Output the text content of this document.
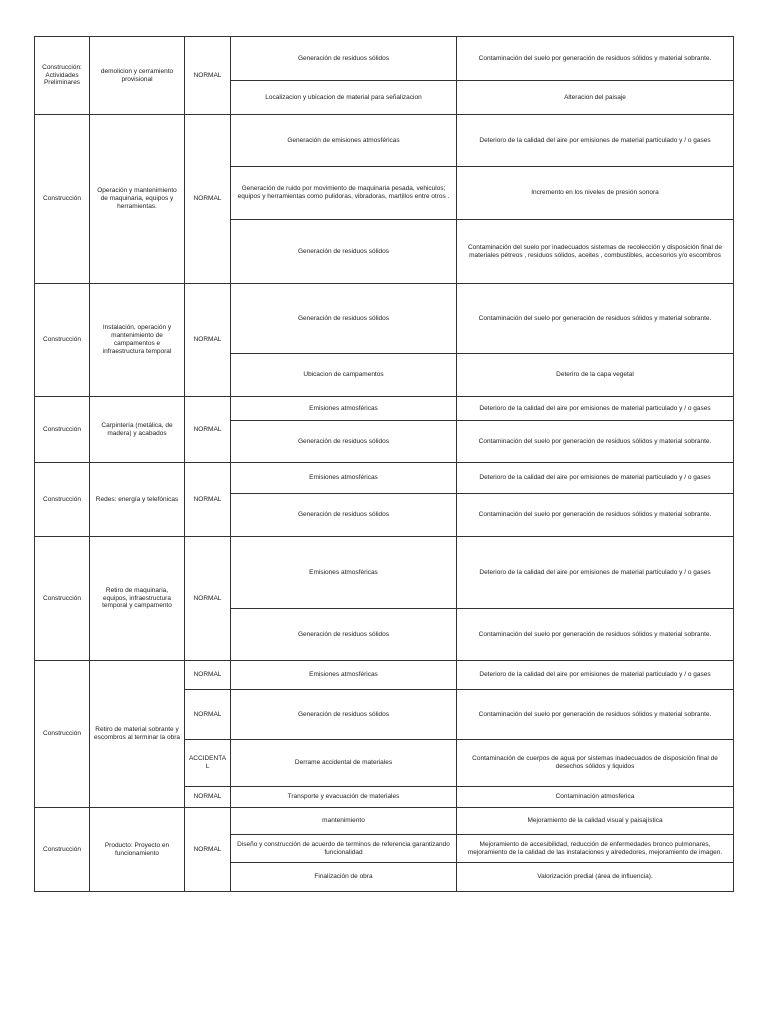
Construcción: Actividades Preliminares	demolicion y cerramiento provisional	NORMAL	Generación de residuos sólidos	Contaminación del suelo por generación de residuos sólidos y material sobrante.
			Localizacion y ubicacion de material para señalizacion	Alteracion del paisaje
Construcción	Operación y mantenimiento de maquinaria, equipos y herramientas.	NORMAL	Generación de emisiones atmosféricas	Deterioro de la calidad del aire por emisiones de material particulado y / o gases
			Generación de ruido por movimiento de maquinaria pesada, vehiculos; equipos y herramientas como pulidoras, vibradoras, martillos entre otros .	Incremento en los niveles de presión sonora
			Generación de residuos sólidos	Contaminación del suelo por inadecuados sistemas de recolección y disposición final de materiales pétreos , residuos sólidos, aceites , combustibles, accesorios y/o escombros
Construcción	Instalación, operación y mantenimiento de campamentos e infraestructura temporal	NORMAL	Generación de residuos sólidos	Contaminación del suelo por generación de residuos sólidos y material sobrante.
			Ubicacion de campamentos	Deteriro de la capa vegetal
Construcción	Carpintería (metálica, de madera) y acabados	NORMAL	Emisiones atmosféricas	Deterioro de la calidad del aire por emisiones de material particulado y / o gases
			Generación de residuos sólidos	Contaminación del suelo por generación de residuos sólidos y material sobrante.
Construcción	Redes: energía y telefónicas	NORMAL	Emisiones atmosféricas	Deterioro de la calidad del aire por emisiones de material particulado y / o gases
			Generación de residuos sólidos	Contaminación del suelo por generación de residuos sólidos y material sobrante.
Construcción	Retiro de maquinaria, equipos, infraestructura temporal y campamento	NORMAL	Emisiones atmosféricas	Deterioro de la calidad del aire por emisiones de material particulado y / o gases
			Generación de residuos sólidos	Contaminación del suelo por generación de residuos sólidos y material sobrante.
Construcción	Retiro de material sobrante y escombros al terminar la obra	NORMAL	Emisiones atmosféricas	Deterioro de la calidad del aire por emisiones de material particulado y / o gases
		NORMAL	Generación de residuos sólidos	Contaminación del suelo por generación de residuos sólidos y material sobrante.
		ACCIDENTAL	Derrame accidental de materiales	Contaminación de cuerpos de agua por sistemas inadecuados de disposición final de desechos sólidos y liquidos
		NORMAL	Transporte y evacuación de materiales	Contaminación atmosferica
Construcción	Producto: Proyecto en funcionamiento	NORMAL	mantenimiento	Mejoramiento de la calidad visual y paisajística
			Diseño y construcción de acuerdo de terminos de referencia garantizando funcionalidad	Mejoramiento de accesibilidad, reducción de enfermedades bronco pulmonares, mejoramiento de la calidad de las instalaciones y alrededores, mejoramiento de imagen.
			Finalización de obra	Valorización predial (área de influencia).
